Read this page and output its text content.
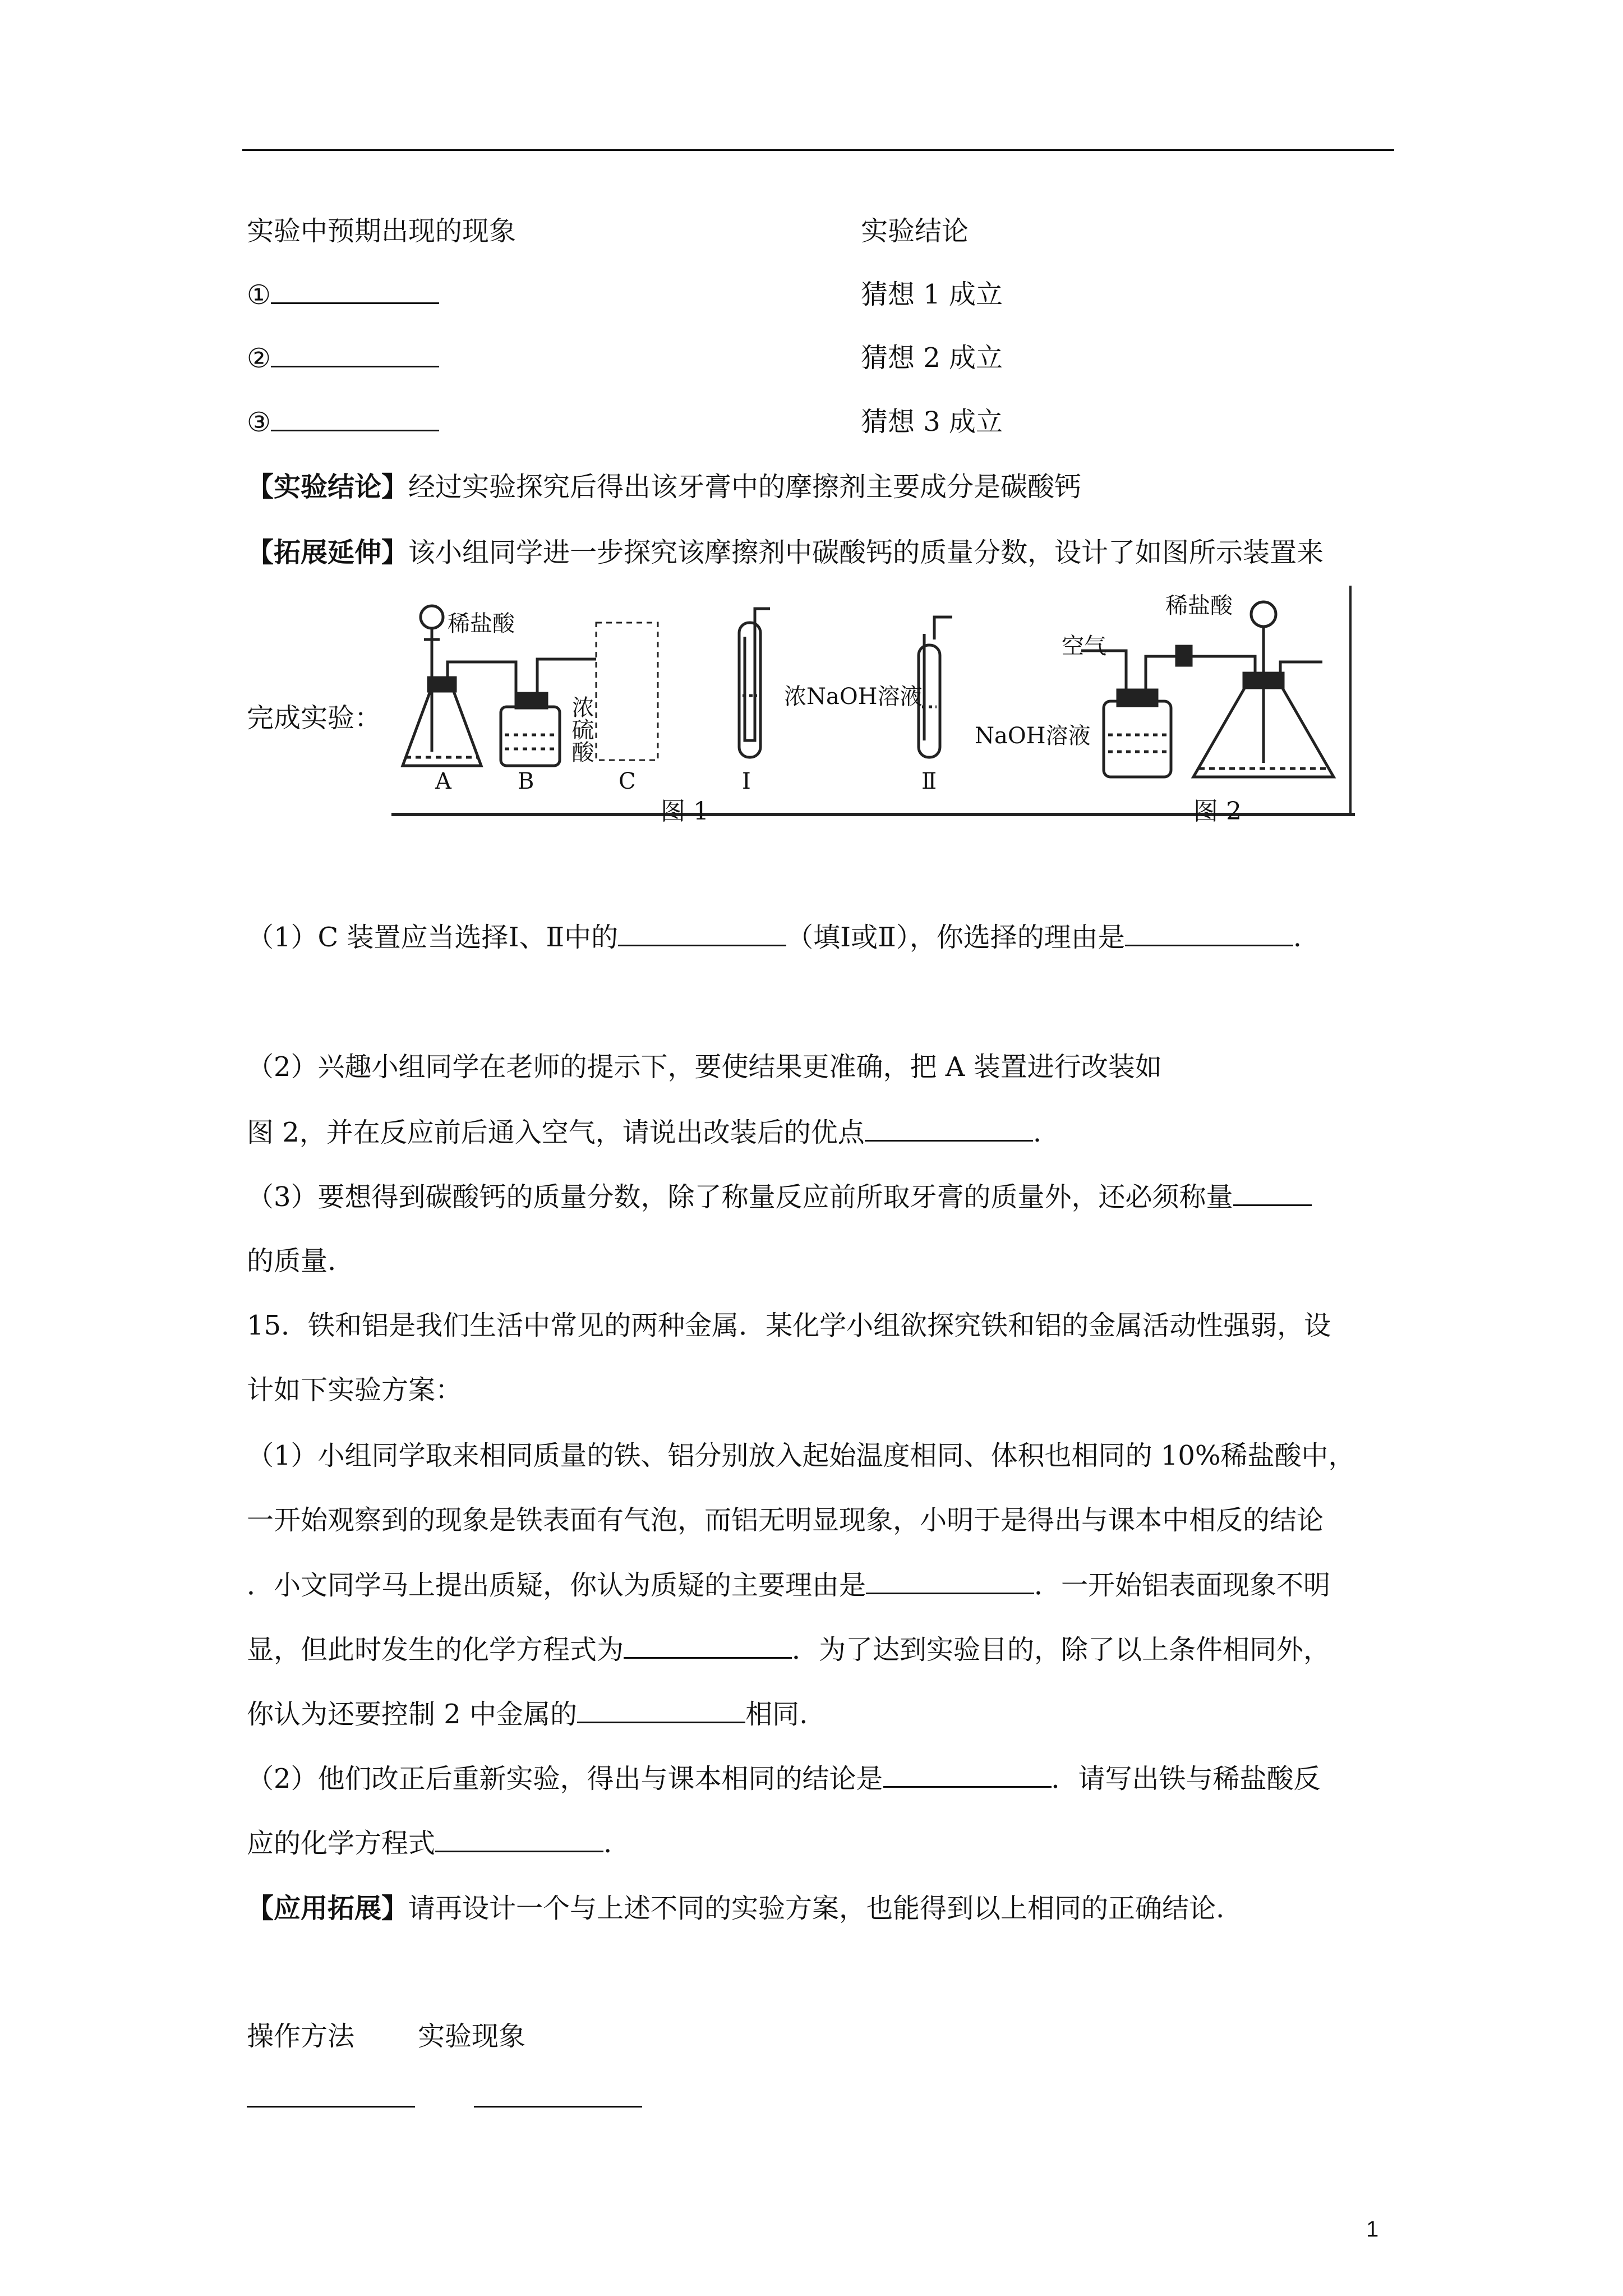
实验中预期出现的现象	实验结论
①	猜想 1 成立
②	猜想 2 成立
③	猜想 3 成立
【实验结论】经过实验探究后得出该牙膏中的摩擦剂主要成分是碳酸钙
【拓展延伸】该小组同学进一步探究该摩擦剂中碳酸钙的质量分数，设计了如图所示装置来
完成实验：
稀盐酸
浓硫酸
A	B	C	Ⅰ	Ⅱ
浓NaOH溶液
图 1
空气
稀盐酸
NaOH溶液
图 2
（1）C 装置应当选择Ⅰ、Ⅱ中的	（填Ⅰ或Ⅱ），你选择的理由是	.
（2）兴趣小组同学在老师的提示下，要使结果更准确，把 A 装置进行改装如
图 2，并在反应前后通入空气，请说出改装后的优点	.
（3）要想得到碳酸钙的质量分数，除了称量反应前所取牙膏的质量外，还必须称量
的质量.
15．铁和铝是我们生活中常见的两种金属．某化学小组欲探究铁和铝的金属活动性强弱，设
计如下实验方案：
（1）小组同学取来相同质量的铁、铝分别放入起始温度相同、体积也相同的 10%稀盐酸中，
一开始观察到的现象是铁表面有气泡，而铝无明显现象，小明于是得出与课本中相反的结论
．小文同学马上提出质疑，你认为质疑的主要理由是	．一开始铝表面现象不明
显，但此时发生的化学方程式为	．为了达到实验目的，除了以上条件相同外，
你认为还要控制 2 中金属的	相同.
（2）他们改正后重新实验，得出与课本相同的结论是	．请写出铁与稀盐酸反
应的化学方程式	.
【应用拓展】请再设计一个与上述不同的实验方案，也能得到以上相同的正确结论.
操作方法 实验现象
1
